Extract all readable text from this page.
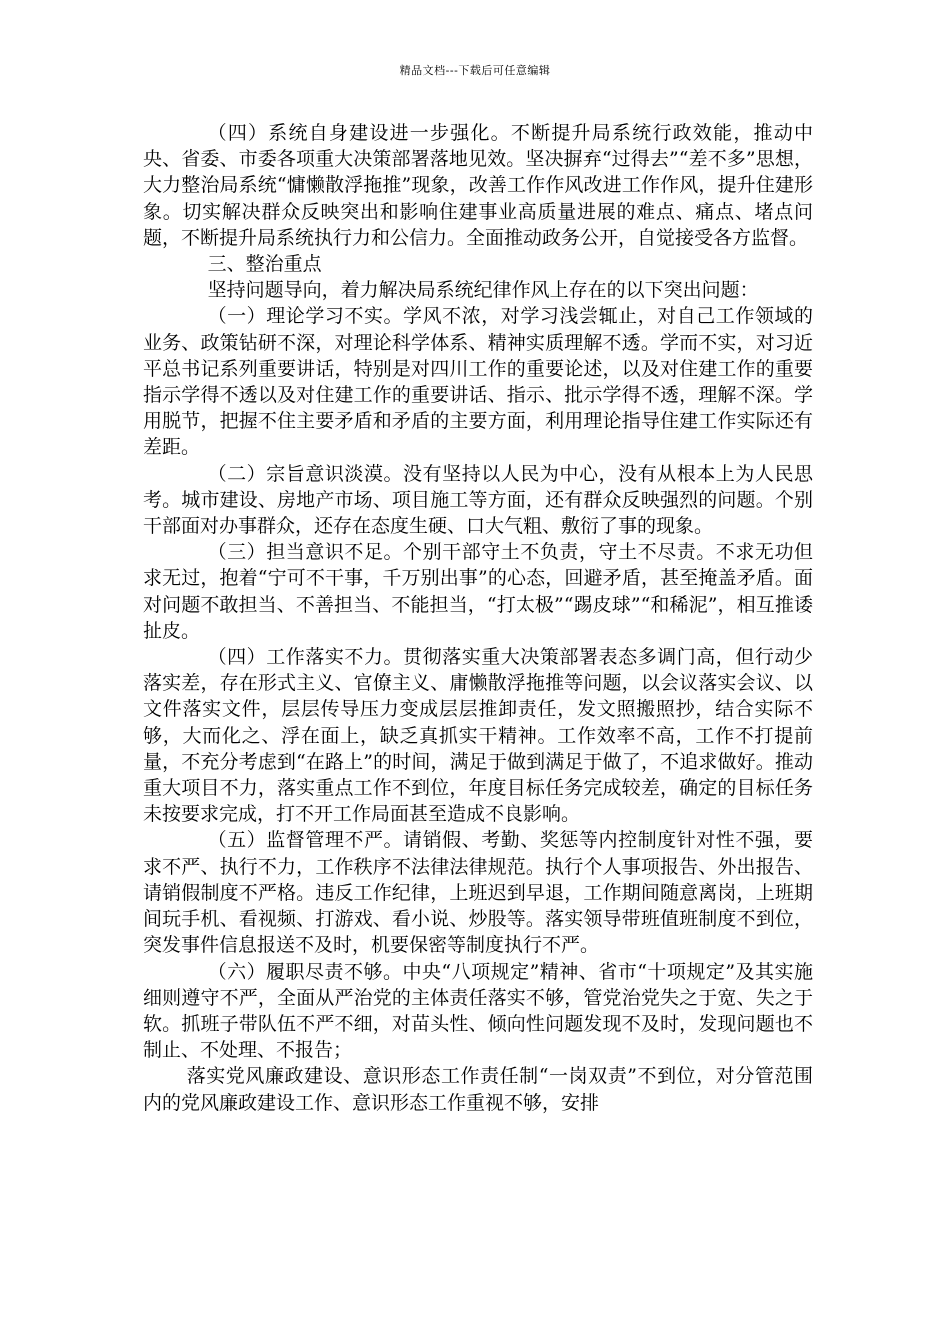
精品文档---下载后可任意编辑

（四）系统自身建设进一步强化。不断提升局系统行政效能，推动中央、省委、市委各项重大决策部署落地见效。坚决摒弃“过得去”“差不多”思想，大力整治局系统“慵懒散浮拖推”现象，改善工作作风改进工作作风，提升住建形象。切实解决群众反映突出和影响住建事业高质量进展的难点、痛点、堵点问题，不断提升局系统执行力和公信力。全面推动政务公开，自觉接受各方监督。

三、整治重点

坚持问题导向，着力解决局系统纪律作风上存在的以下突出问题：

（一）理论学习不实。学风不浓，对学习浅尝辄止，对自己工作领域的业务、政策钻研不深，对理论科学体系、精神实质理解不透。学而不实，对习近平总书记系列重要讲话，特别是对四川工作的重要论述，以及对住建工作的重要指示学得不透以及对住建工作的重要讲话、指示、批示学得不透，理解不深。学用脱节，把握不住主要矛盾和矛盾的主要方面，利用理论指导住建工作实际还有差距。

（二）宗旨意识淡漠。没有坚持以人民为中心，没有从根本上为人民思考。城市建设、房地产市场、项目施工等方面，还有群众反映强烈的问题。个别干部面对办事群众，还存在态度生硬、口大气粗、敷衍了事的现象。

（三）担当意识不足。个别干部守土不负责，守土不尽责。不求无功但求无过，抱着“宁可不干事，千万别出事”的心态，回避矛盾，甚至掩盖矛盾。面对问题不敢担当、不善担当、不能担当，“打太极”“踢皮球”“和稀泥”，相互推诿扯皮。

（四）工作落实不力。贯彻落实重大决策部署表态多调门高，但行动少落实差，存在形式主义、官僚主义、庸懒散浮拖推等问题，以会议落实会议、以文件落实文件，层层传导压力变成层层推卸责任，发文照搬照抄，结合实际不够，大而化之、浮在面上，缺乏真抓实干精神。工作效率不高，工作不打提前量，不充分考虑到“在路上”的时间，满足于做到满足于做了，不追求做好。推动重大项目不力，落实重点工作不到位，年度目标任务完成较差，确定的目标任务未按要求完成，打不开工作局面甚至造成不良影响。

（五）监督管理不严。请销假、考勤、奖惩等内控制度针对性不强，要求不严、执行不力，工作秩序不法律法律规范。执行个人事项报告、外出报告、请销假制度不严格。违反工作纪律，上班迟到早退，工作期间随意离岗，上班期间玩手机、看视频、打游戏、看小说、炒股等。落实领导带班值班制度不到位，突发事件信息报送不及时，机要保密等制度执行不严。

（六）履职尽责不够。中央“八项规定”精神、省市“十项规定”及其实施细则遵守不严，全面从严治党的主体责任落实不够，管党治党失之于宽、失之于软。抓班子带队伍不严不细，对苗头性、倾向性问题发现不及时，发现问题也不制止、不处理、不报告；

落实党风廉政建设、意识形态工作责任制“一岗双责”不到位，对分管范围内的党风廉政建设工作、意识形态工作重视不够，安排
